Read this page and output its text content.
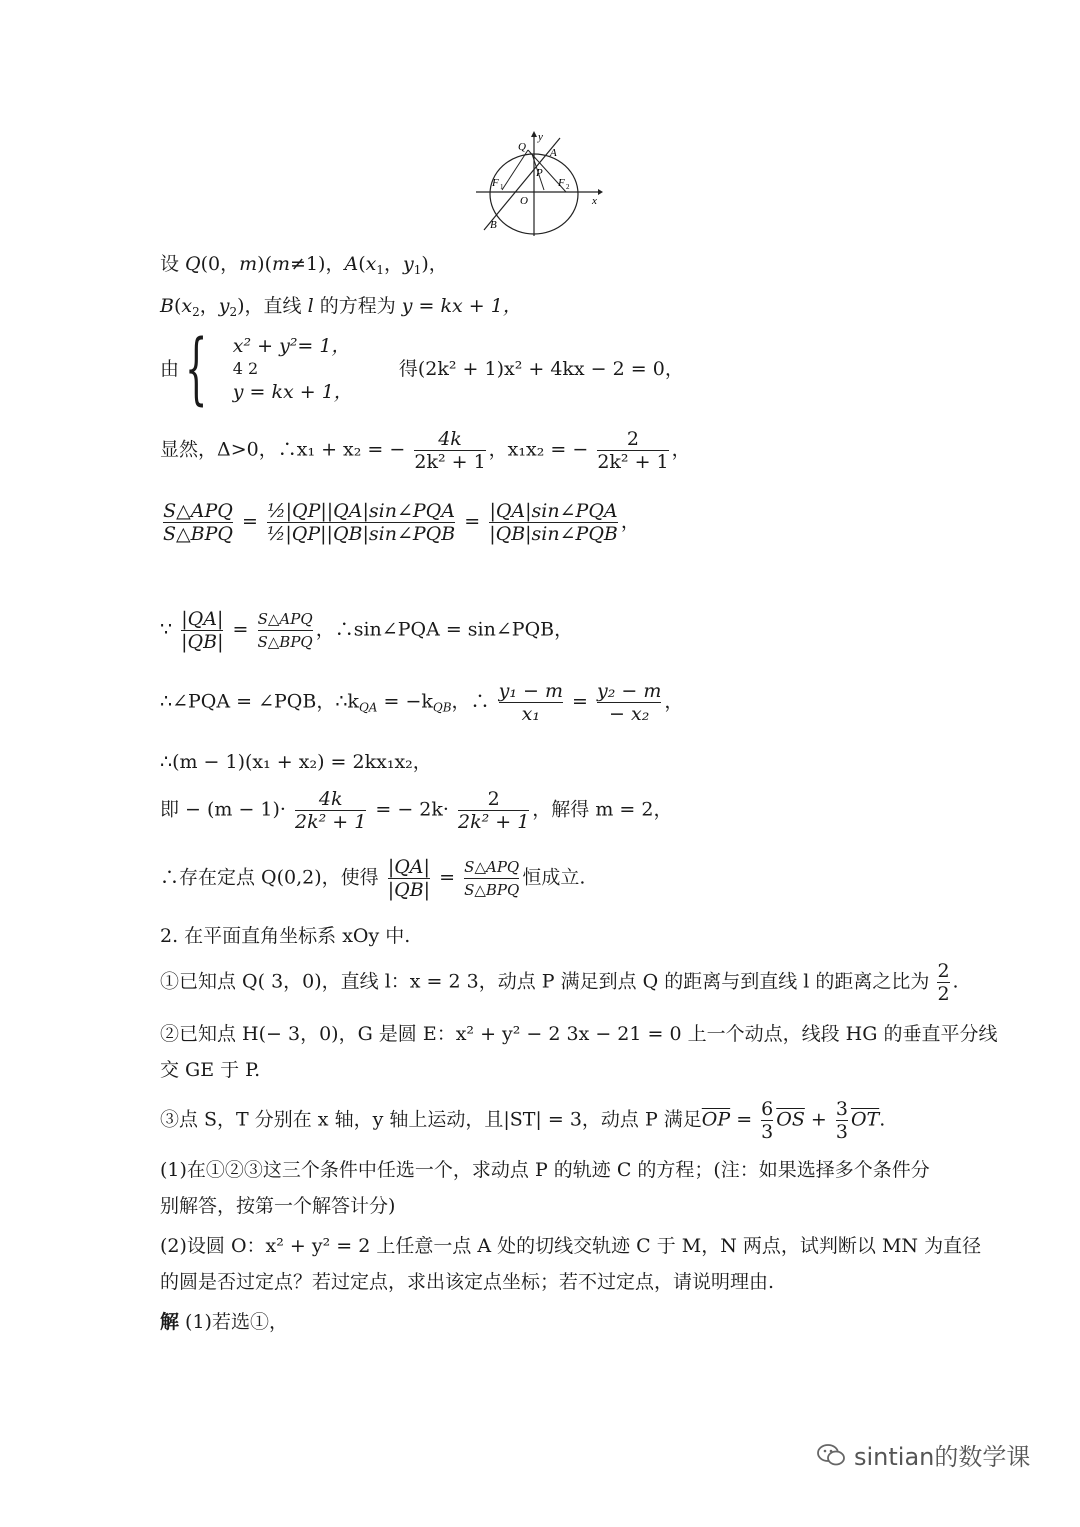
Q
y
A
P
F 1	F 2
O	x
B
设 Q(0，m)(m≠1)，$A(x_1$，$y_1$)，
$B(x_2$，$y_2$)，直线 l 的方程为 y = kx + 1，
由 { x² + y²= 1，
4 2
y = kx + 1，
得(2k² + 1)x² + 4kx − 2 = 0，
显然，Δ>0，∴x₁ + x₂ = − $\frac{4k}{\text{2k² + 1}}$ ，x₁x₂ = − $\frac{2}{\text{2k² + 1}}$ ，
S△APQ
S△BPQ
= ½|QP||QA|sin∠PQA
½|QP||QB|sin∠PQB
= |QA|sin∠PQA
|QB|sin∠PQB
，
∵ $\frac{|QA|}{|QB|}$ = S△APQ
S△BPQ
，∴sin∠PQA = sin∠PQB，
∴∠PQA = ∠PQB，$\therefore k_{QA} = -k_{QB}$，∴ $\frac{\text{y₁ − m}}{\text{x₁}} = \frac{\text{y₂ − m}}{\text{− x₂}}$ ，
∴(m − 1)(x₁ + x₂) = 2kx₁x₂，
即 − $(m - 1)\cdot \frac{4k}{\text{2k² + 1}}$ = − $2k\cdot \frac{2}{\text{2k² + 1}}$ ，解得 m = 2，
∴存在定点 Q(0,2)，使得 $\frac{|QA|}{|QB|}$ = S△APQ
S△BPQ
恒成立.
2. 在平面直角坐标系 xOy 中.
①已知点 Q( 3，0)，直线 l：x = 2 3，动点 P 满足到点 Q 的距离与到直线 l 的距离之比为 $\frac{2}{2}$ .
②已知点 H(− 3，0)，G 是圆 E：x² + y² − 2 3x − 21 = 0 上一个动点，线段 HG 的垂直平分线
交 GE 于 P.
③点 S，T 分别在 x 轴，y 轴上运动，且|ST| = 3，动点 P 满足$\overline{OP} = \frac{6}{3} \overline{OS} + \frac{3}{3} \overline{OT}$.
(1)在①②③这三个条件中任选一个，求动点 P 的轨迹 C 的方程；(注：如果选择多个条件分
别解答，按第一个解答计分)
(2)设圆 O：x² + y² = 2 上任意一点 A 处的切线交轨迹 C 于 M，N 两点，试判断以 MN 为直径
的圆是否过定点？若过定点，求出该定点坐标；若不过定点，请说明理由.
解 (1)若选①，
sintian的数学课
